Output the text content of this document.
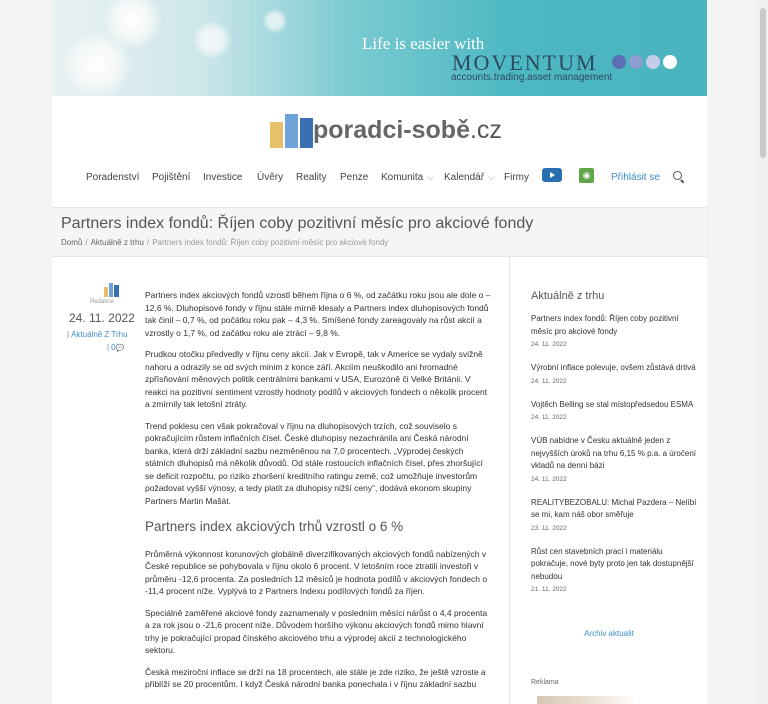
Life is easier with
MOVENTUM
accounts.trading.asset management
poradci-sobě.cz
Poradenství Pojištění Investice Úvěry Reality Penze Komunita ⌵ Kalendář ⌵ Firmy	◉	Přihlásit se
Partners index fondů: Říjen coby pozitivní měsíc pro akciové fondy
Domů / Aktuálně z trhu / Partners index fondů: Říjen coby pozitivní měsíc pro akciové fondy
Redakce
24. 11. 2022
| Aktuálně Z Trhu
| 0💬

Partners index akciových fondů vzrostl během října o 6 %, od začátku roku jsou ale dole o – 12,6 %. Dluhopisové fondy v říjnu stále mírně klesaly a Partners index dluhopisových fondů tak činil – 0,7 %, od počátku roku pak – 4,3 %. Smíšené fondy zareagovaly na růst akcií a vzrostly o 1,7 %, od začátku roku ale ztrácí – 9,8 %.

Prudkou otočku předvedly v říjnu ceny akcií. Jak v Evropě, tak v Americe se vydaly svižně nahoru a odrazily se od svých minim z konce září. Akciím neuškodilo ani hromadné zpřísňování měnových politik centrálními bankami v USA, Eurozóně či Velké Británii. V reakci na pozitivní sentiment vzrostly hodnoty podílů v akciových fondech o několik procent a zmírnily tak letošní ztráty.

Trend poklesu cen však pokračoval v říjnu na dluhopisových trzích, což souviselo s pokračujícím růstem inflačních čísel. České dluhopisy nezachránila ani Česká národní banka, která drží základní sazbu nezměněnou na 7,0 procentech. „Výprodej českých státních dluhopisů má několik důvodů. Od stále rostoucích inflačních čísel, přes zhoršující se deficit rozpočtu, po riziko zhoršení kreditního ratingu země, což umožňuje investorům požadovat vyšší výnosy, a tedy platit za dluhopisy nižší ceny“, dodává ekonom skupiny Partners Martin Mašát.

Partners index akciových trhů vzrostl o 6 %

Průměrná výkonnost korunových globálně diverzifikovaných akciových fondů nabízených v České republice se pohybovala v říjnu okolo 6 procent. V letošním roce ztratili investoři v průměru -12,6 procenta. Za posledních 12 měsíců je hodnota podílů v akciových fondech o -11,4 procent níže. Vyplývá to z Partners Indexu podílových fondů za říjen.

Speciálně zaměřené akciové fondy zaznamenaly v posledním měsíci nárůst o 4,4 procenta a za rok jsou o -21,6 procent níže. Důvodem horšího výkonu akciových fondů mimo hlavní trhy je pokračující propad čínského akciového trhu a výprodej akcií z technologického sektoru.

Česká meziroční inflace se drží na 18 procentech, ale stále je zde riziko, že ještě vzroste a přiblíží se 20 procentům. I když Česká národní banka ponechala i v říjnu základní sazbu

Aktuálně z trhu
Partners index fondů: Říjen coby pozitivní měsíc pro akciové fondy
24. 11. 2022
Výrobní inflace polevuje, ovšem zůstává drtivá
24. 11. 2022
Vojtěch Belling se stal místopředsedou ESMA
24. 11. 2022
VÚB nabídne v Česku aktuálně jeden z nejvyšších úroků na trhu 6,15 % p.a. a úročení vkladů na denní bázi
24. 11. 2022
REALITYBEZOBALU: Michal Pazdera – Nelíbí se mi, kam náš obor směřuje
23. 11. 2022
Růst cen stavebních prací i materiálu pokračuje, nové byty proto jen tak dostupnější nebudou
21. 11. 2022
Archiv aktualit
Reklama
